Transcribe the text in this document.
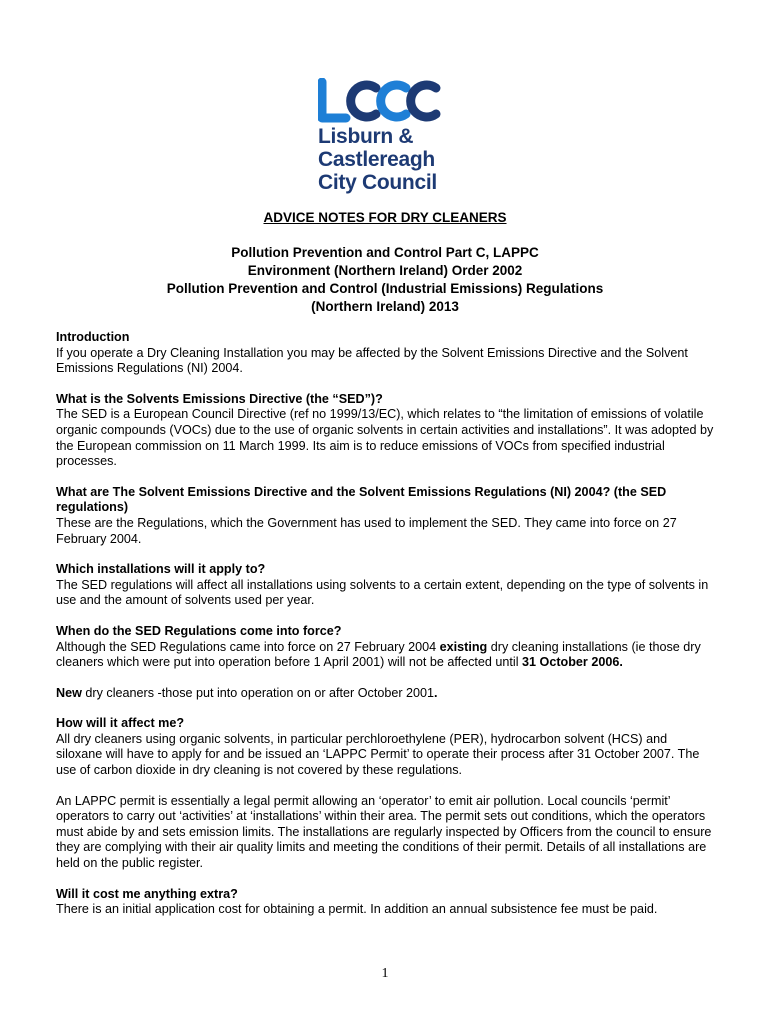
Lisburn &
Castlereagh
City Council
ADVICE NOTES FOR DRY CLEANERS
Pollution Prevention and Control Part C, LAPPC
Environment (Northern Ireland) Order 2002
Pollution Prevention and Control (Industrial Emissions) Regulations
(Northern Ireland) 2013
Introduction

If you operate a Dry Cleaning Installation you may be affected by the Solvent Emissions Directive and the Solvent Emissions Regulations (NI) 2004.

What is the Solvents Emissions Directive (the “SED”)?

The SED is a European Council Directive (ref no 1999/13/EC), which relates to “the limitation of emissions of volatile organic compounds (VOCs) due to the use of organic solvents in certain activities and installations”. It was adopted by the European commission on 11 March 1999. Its aim is to reduce emissions of VOCs from specified industrial processes.

What are The Solvent Emissions Directive and the Solvent Emissions Regulations (NI) 2004? (the SED regulations)

These are the Regulations, which the Government has used to implement the SED. They came into force on 27 February 2004.

Which installations will it apply to?

The SED regulations will affect all installations using solvents to a certain extent, depending on the type of solvents in use and the amount of solvents used per year.

When do the SED Regulations come into force?

Although the SED Regulations came into force on 27 February 2004 existing dry cleaning installations (ie those dry cleaners which were put into operation before 1 April 2001) will not be affected until 31 October 2006.

New dry cleaners -those put into operation on or after October 2001.

How will it affect me?

All dry cleaners using organic solvents, in particular perchloroethylene (PER), hydrocarbon solvent (HCS) and siloxane will have to apply for and be issued an ‘LAPPC Permit’ to operate their process after 31 October 2007. The use of carbon dioxide in dry cleaning is not covered by these regulations.

An LAPPC permit is essentially a legal permit allowing an ‘operator’ to emit air pollution. Local councils ‘permit’ operators to carry out ‘activities’ at ‘installations’ within their area. The permit sets out conditions, which the operators must abide by and sets emission limits. The installations are regularly inspected by Officers from the council to ensure they are complying with their air quality limits and meeting the conditions of their permit. Details of all installations are held on the public register.

Will it cost me anything extra?

There is an initial application cost for obtaining a permit. In addition an annual subsistence fee must be paid.

1
